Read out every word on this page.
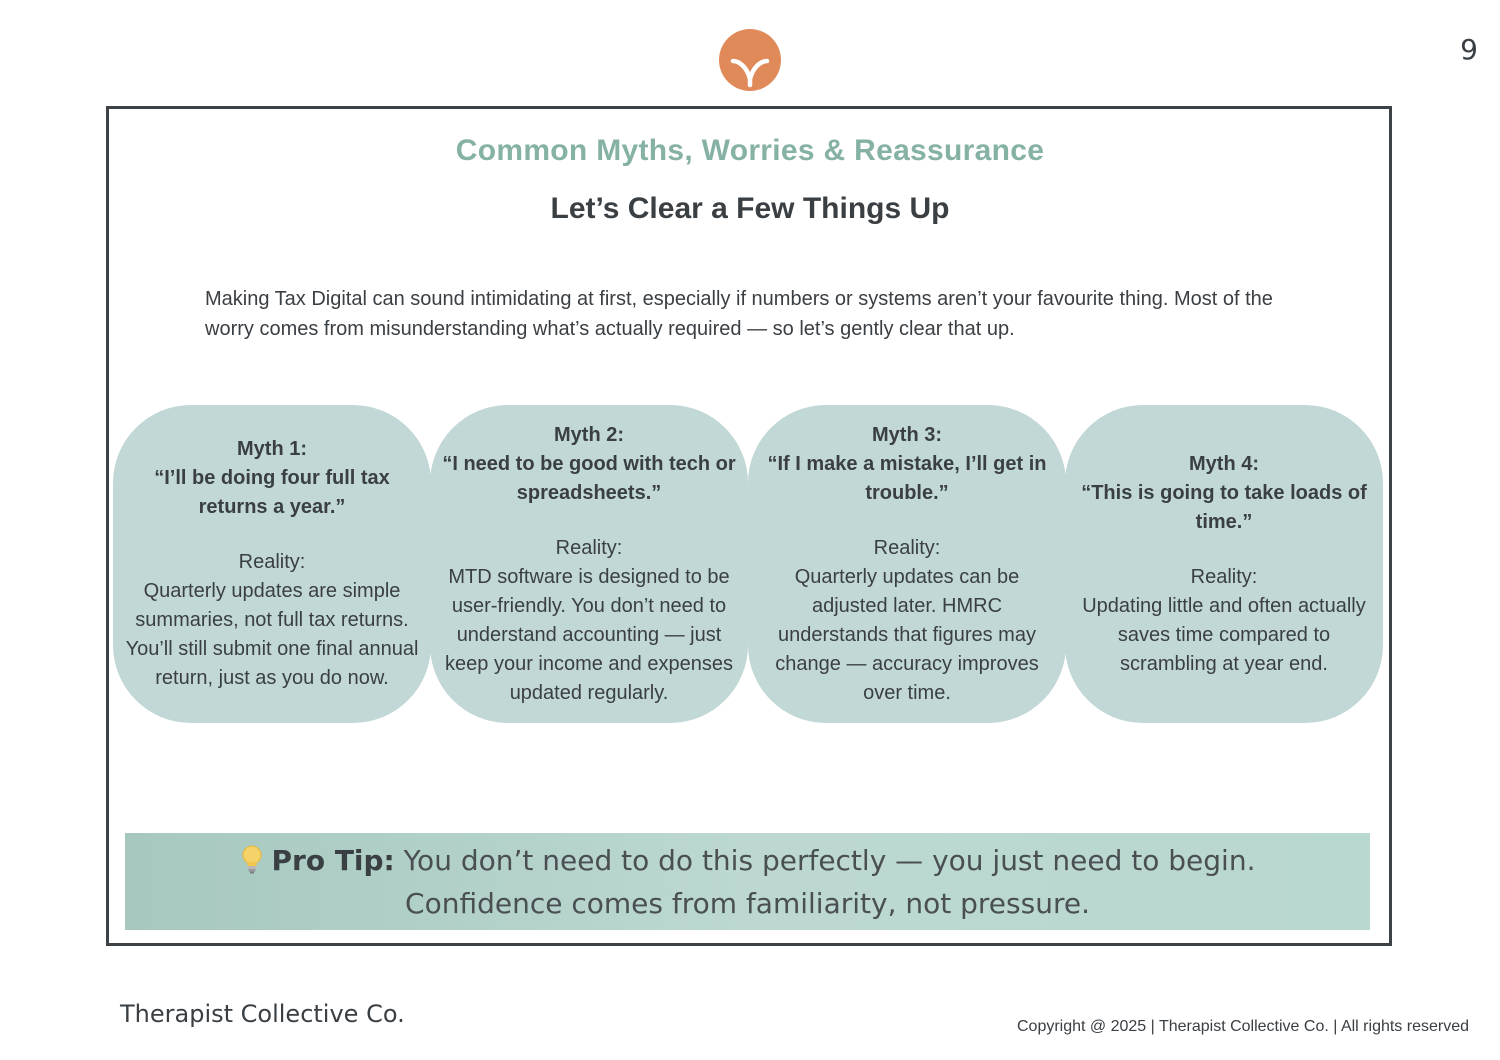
9
Common Myths, Worries & Reassurance
Let’s Clear a Few Things Up
Making Tax Digital can sound intimidating at first, especially if numbers or systems aren’t your favourite thing. Most of the worry comes from misunderstanding what’s actually required — so let’s gently clear that up.
Myth 1:
“I’ll be doing four full tax returns a year.”
Reality:
Quarterly updates are simple summaries, not full tax returns. You’ll still submit one final annual return, just as you do now.
Myth 2:
“I need to be good with tech or spreadsheets.”
Reality:
MTD software is designed to be user-friendly. You don’t need to understand accounting — just keep your income and expenses updated regularly.
Myth 3:
“If I make a mistake, I’ll get in trouble.”
Reality:
Quarterly updates can be adjusted later. HMRC understands that figures may change — accuracy improves over time.
Myth 4:
“This is going to take loads of time.”
Reality:
Updating little and often actually saves time compared to scrambling at year end.
Pro Tip: You don’t need to do this perfectly — you just need to begin.
Confidence comes from familiarity, not pressure.
Therapist Collective Co.	Copyright @ 2025 | Therapist Collective Co. | All rights reserved
